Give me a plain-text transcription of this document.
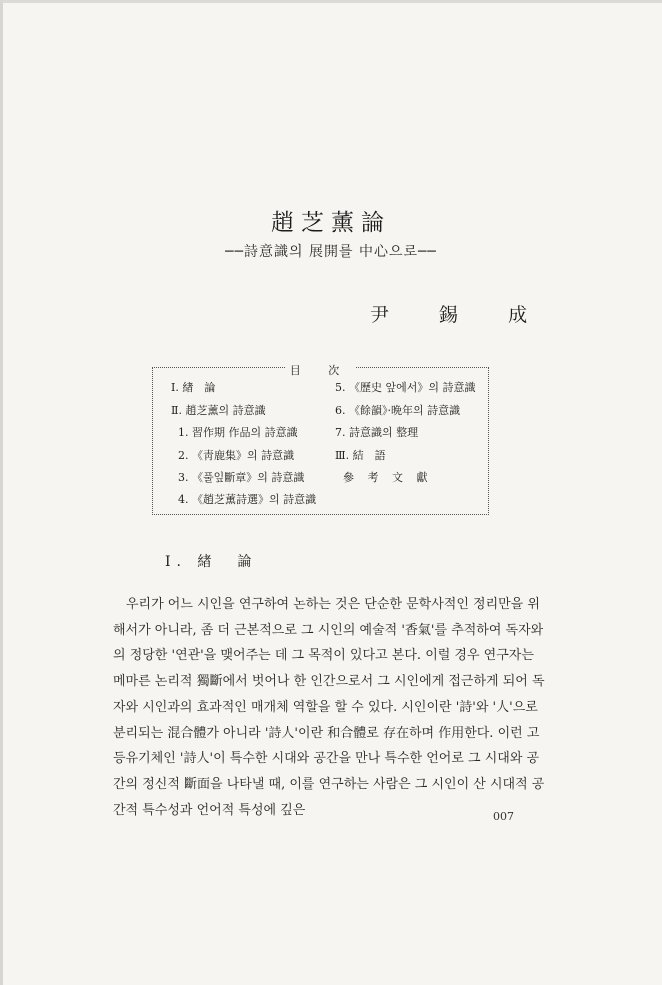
趙芝薰論
──詩意識의 展開를 中心으로──
尹 錫 成
目 次
Ⅰ. 緖　論
Ⅱ. 趙芝薰의 詩意識
1. 習作期 作品의 詩意識
2. 《靑鹿集》의 詩意識
3. 《풀잎斷章》의 詩意識
4. 《趙芝薰詩選》의 詩意識
5. 《歷史 앞에서》의 詩意識
6. 《餘韻》·晩年의 詩意識
7. 詩意識의 整理
Ⅲ. 結　語
參 考 文 獻
Ⅰ. 緖　論

우리가 어느 시인을 연구하여 논하는 것은 단순한 문학사적인 정리만을 위해서가 아니라, 좀 더 근본적으로 그 시인의 예술적 '香氣'를 추적하여 독자와의 정당한 '연관'을 맺어주는 데 그 목적이 있다고 본다. 이럴 경우 연구자는 메마른 논리적 獨斷에서 벗어나 한 인간으로서 그 시인에게 접근하게 되어 독자와 시인과의 효과적인 매개체 역할을 할 수 있다. 시인이란 '詩'와 '人'으로 분리되는 混合體가 아니라 '詩人'이란 和合體로 存在하며 作用한다. 이런 고등유기체인 '詩人'이 특수한 시대와 공간을 만나 특수한 언어로 그 시대와 공간의 정신적 斷面을 나타낼 때, 이를 연구하는 사람은 그 시인이 산 시대적 공간적 특수성과 언어적 특성에 깊은	007
